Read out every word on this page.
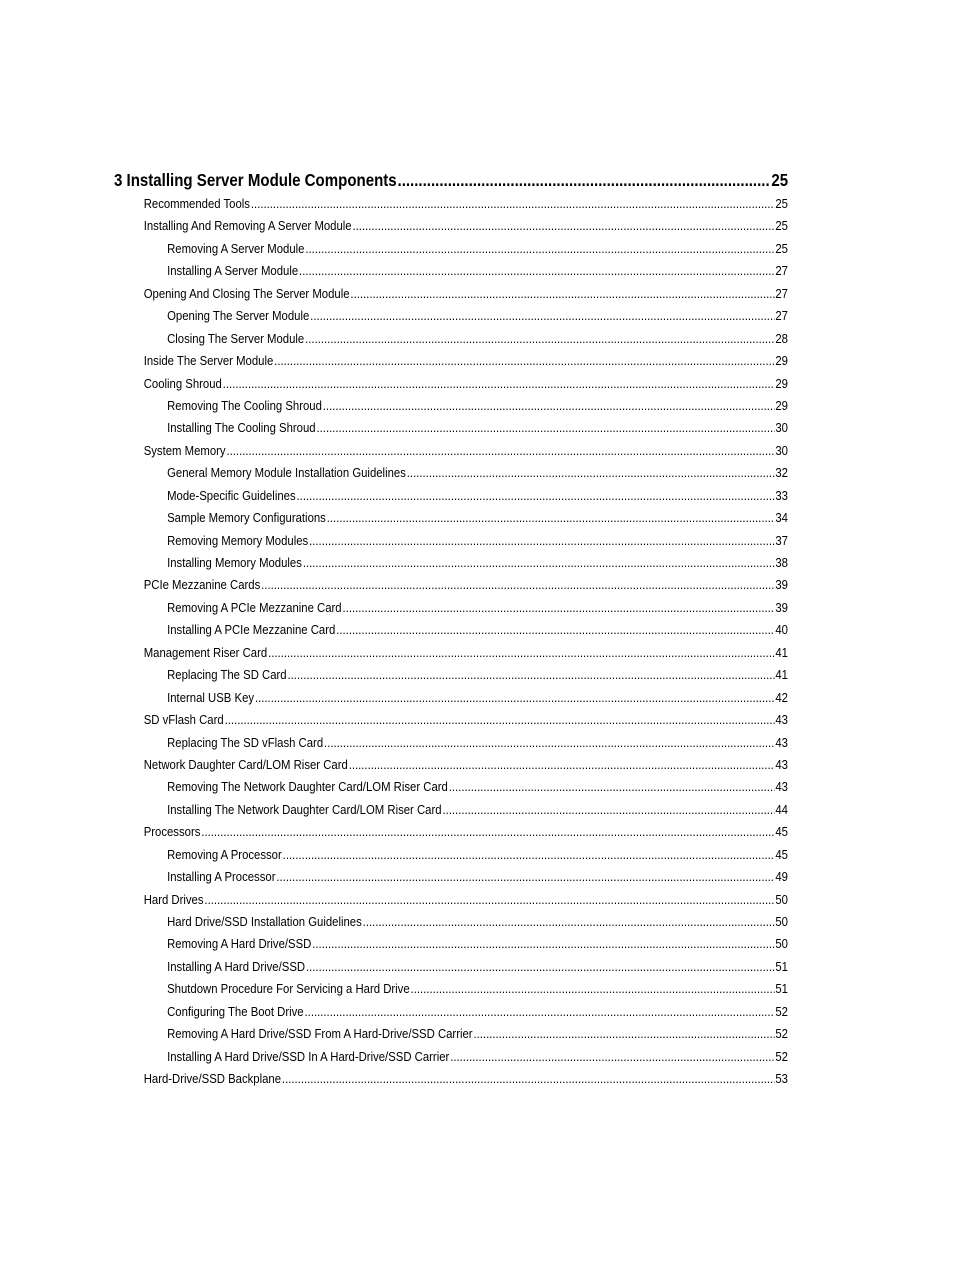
3 Installing Server Module Components .....	25
Recommended Tools .....	25
Installing And Removing A Server Module .....	25
Removing A Server Module .....	25
Installing A Server Module .....	27
Opening And Closing The Server Module .....	27
Opening The Server Module .....	27
Closing The Server Module .....	28
Inside The Server Module .....	29
Cooling Shroud .....	29
Removing The Cooling Shroud .....	29
Installing The Cooling Shroud .....	30
System Memory .....	30
General Memory Module Installation Guidelines .....	32
Mode-Specific Guidelines .....	33
Sample Memory Configurations .....	34
Removing Memory Modules .....	37
Installing Memory Modules .....	38
PCIe Mezzanine Cards .....	39
Removing A PCIe Mezzanine Card .....	39
Installing A PCIe Mezzanine Card .....	40
Management Riser Card .....	41
Replacing The SD Card .....	41
Internal USB Key .....	42
SD vFlash Card .....	43
Replacing The SD vFlash Card .....	43
Network Daughter Card/LOM Riser Card .....	43
Removing The Network Daughter Card/LOM Riser Card .....	43
Installing The Network Daughter Card/LOM Riser Card .....	44
Processors .....	45
Removing A Processor .....	45
Installing A Processor .....	49
Hard Drives .....	50
Hard Drive/SSD Installation Guidelines .....	50
Removing A Hard Drive/SSD .....	50
Installing A Hard Drive/SSD .....	51
Shutdown Procedure For Servicing a Hard Drive .....	51
Configuring The Boot Drive .....	52
Removing A Hard Drive/SSD From A Hard-Drive/SSD Carrier .....	52
Installing A Hard Drive/SSD In A Hard-Drive/SSD Carrier .....	52
Hard-Drive/SSD Backplane .....	53
